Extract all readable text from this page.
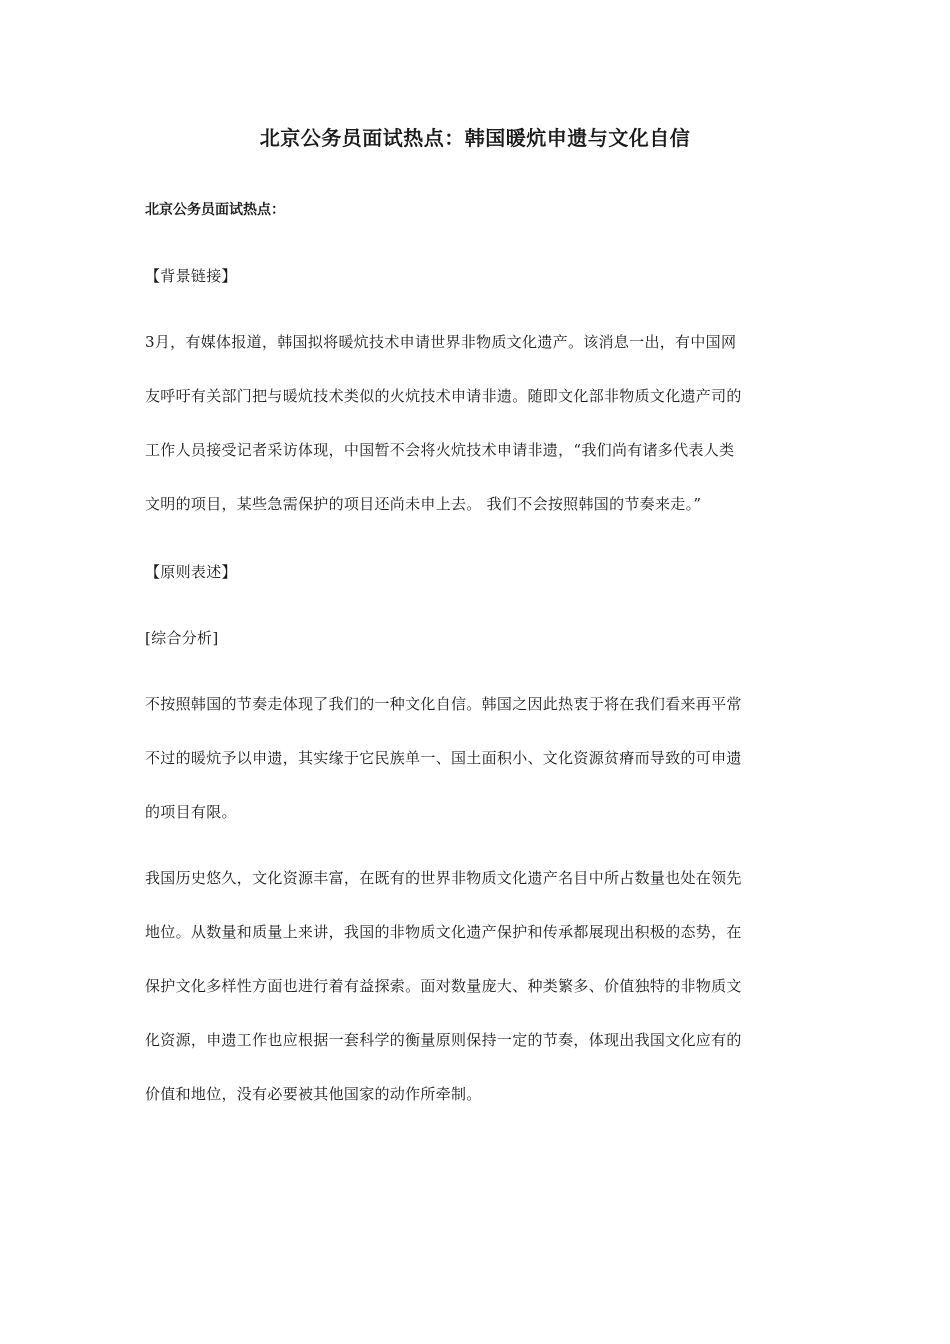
北京公务员面试热点：韩国暖炕申遗与文化自信
北京公务员面试热点：
【背景链接】
3月，有媒体报道，韩国拟将暖炕技术申请世界非物质文化遗产。该消息一出，有中国网
友呼吁有关部门把与暖炕技术类似的火炕技术申请非遗。随即文化部非物质文化遗产司的
工作人员接受记者采访体现，中国暂不会将火炕技术申请非遗，“我们尚有诸多代表人类
文明的项目，某些急需保护的项目还尚未申上去。 我们不会按照韩国的节奏来走。”
【原则表述】
[综合分析]
不按照韩国的节奏走体现了我们的一种文化自信。韩国之因此热衷于将在我们看来再平常
不过的暖炕予以申遗，其实缘于它民族单一、国土面积小、文化资源贫瘠而导致的可申遗
的项目有限。
我国历史悠久，文化资源丰富，在既有的世界非物质文化遗产名目中所占数量也处在领先
地位。从数量和质量上来讲，我国的非物质文化遗产保护和传承都展现出积极的态势，在
保护文化多样性方面也进行着有益探索。面对数量庞大、种类繁多、价值独特的非物质文
化资源，申遗工作也应根据一套科学的衡量原则保持一定的节奏，体现出我国文化应有的
价值和地位，没有必要被其他国家的动作所牵制。
